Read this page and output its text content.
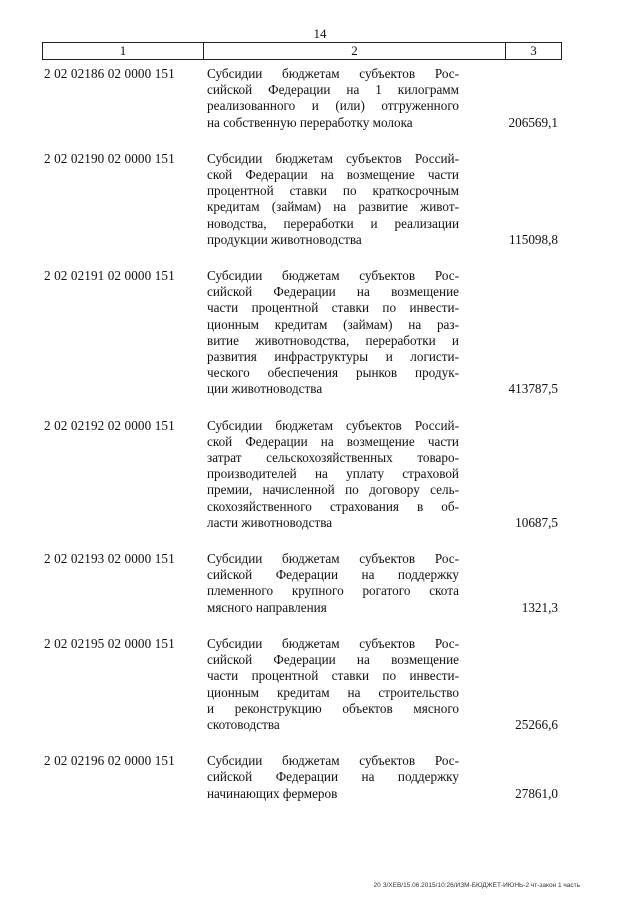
14
1	2	3
2 02 02186 02 0000 151	Субсидии бюджетам субъектов Рос-
сийской Федерации на 1 килограмм
реализованного и (или) отгруженного
на собственную переработку молока	206569,1
2 02 02190 02 0000 151	Субсидии бюджетам субъектов Россий-
ской Федерации на возмещение части
процентной ставки по краткосрочным
кредитам (займам) на развитие живот-
новодства, переработки и реализации
продукции животноводства	115098,8
2 02 02191 02 0000 151	Субсидии бюджетам субъектов Рос-
сийской Федерации на возмещение
части процентной ставки по инвести-
ционным кредитам (займам) на раз-
витие животноводства, переработки и
развития инфраструктуры и логисти-
ческого обеспечения рынков продук-
ции животноводства	413787,5
2 02 02192 02 0000 151	Субсидии бюджетам субъектов Россий-
ской Федерации на возмещение части
затрат сельскохозяйственных товаро-
производителей на уплату страховой
премии, начисленной по договору сель-
скохозяйственного страхования в об-
ласти животноводства	10687,5
2 02 02193 02 0000 151	Субсидии бюджетам субъектов Рос-
сийской Федерации на поддержку
племенного крупного рогатого скота
мясного направления	1321,3
2 02 02195 02 0000 151	Субсидии бюджетам субъектов Рос-
сийской Федерации на возмещение
части процентной ставки по инвести-
ционным кредитам на строительство
и реконструкцию объектов мясного
скотоводства	25266,6
2 02 02196 02 0000 151	Субсидии бюджетам субъектов Рос-
сийской Федерации на поддержку
начинающих фермеров	27861,0
20 З/ХЕВ/15.06.2015/10:26/ИЗМ-БЮДЖЕТ-ИЮНЬ-2 чт-закон 1 часть
